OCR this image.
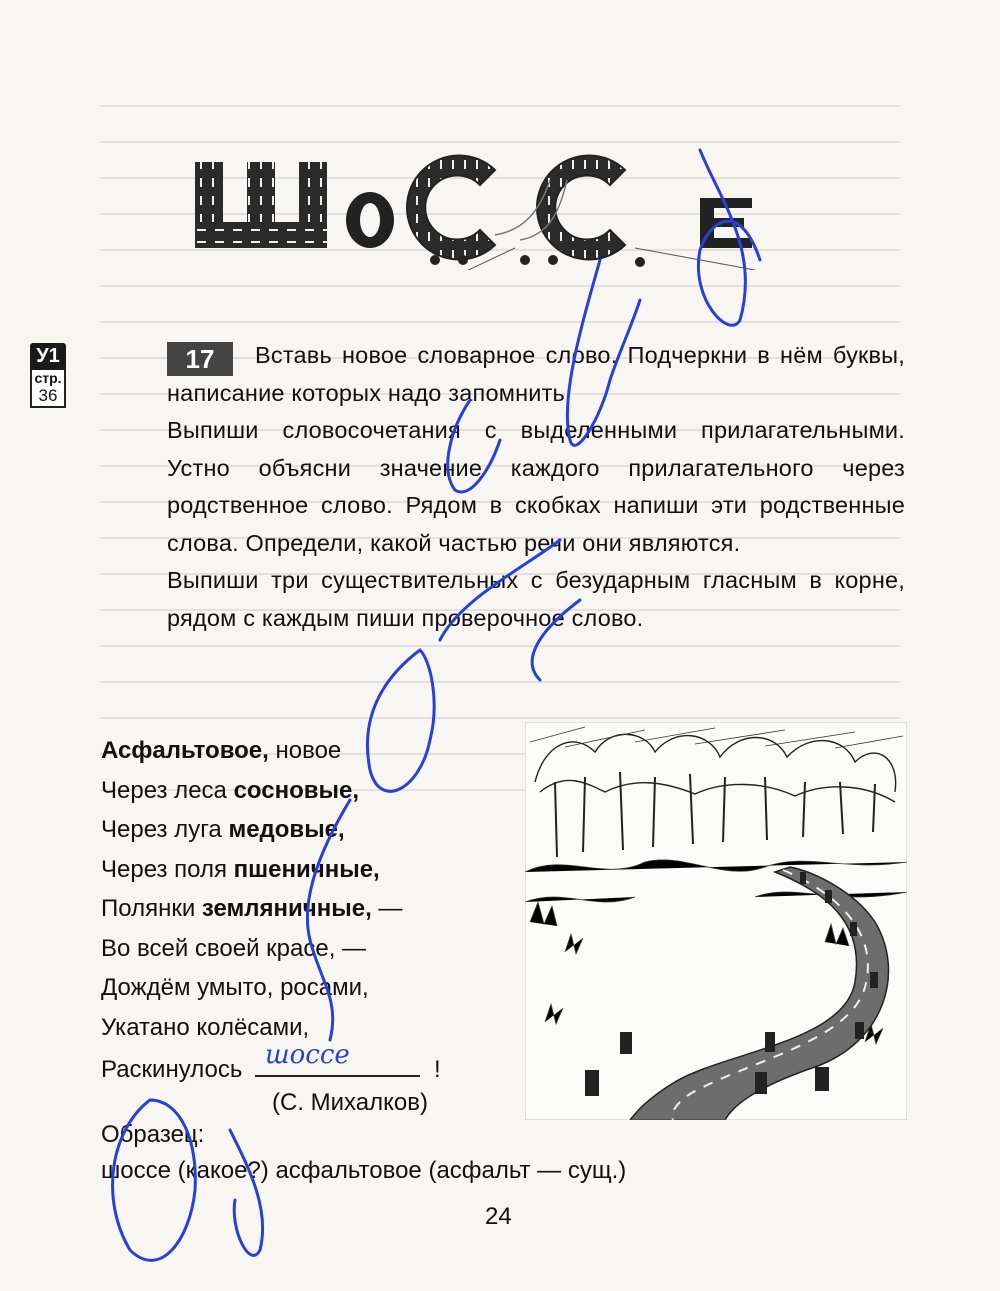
У1
стр.
36
17	Вставь новое словарное слово. Подчеркни в нём буквы, написание которых надо запомнить.

Выпиши словосочетания с выделенными прилагательными. Устно объясни значение каждого прилагательного через родственное слово. Рядом в скобках напиши эти родственные слова. Определи, какой частью речи они являются.

Выпиши три существительных с безударным гласным в корне, рядом с каждым пиши проверочное слово.

Асфальтовое, новое
Через леса сосновые,
Через луга медовые,
Через поля пшеничные,
Полянки земляничные, —
Во всей своей красе, —
Дождём умыто, росами,
Укатано колёсами,
Раскинулось шоссе	!
(С. Михалков)
Образец:
шоссе (какое?) асфальтовое (асфальт — сущ.)
24
